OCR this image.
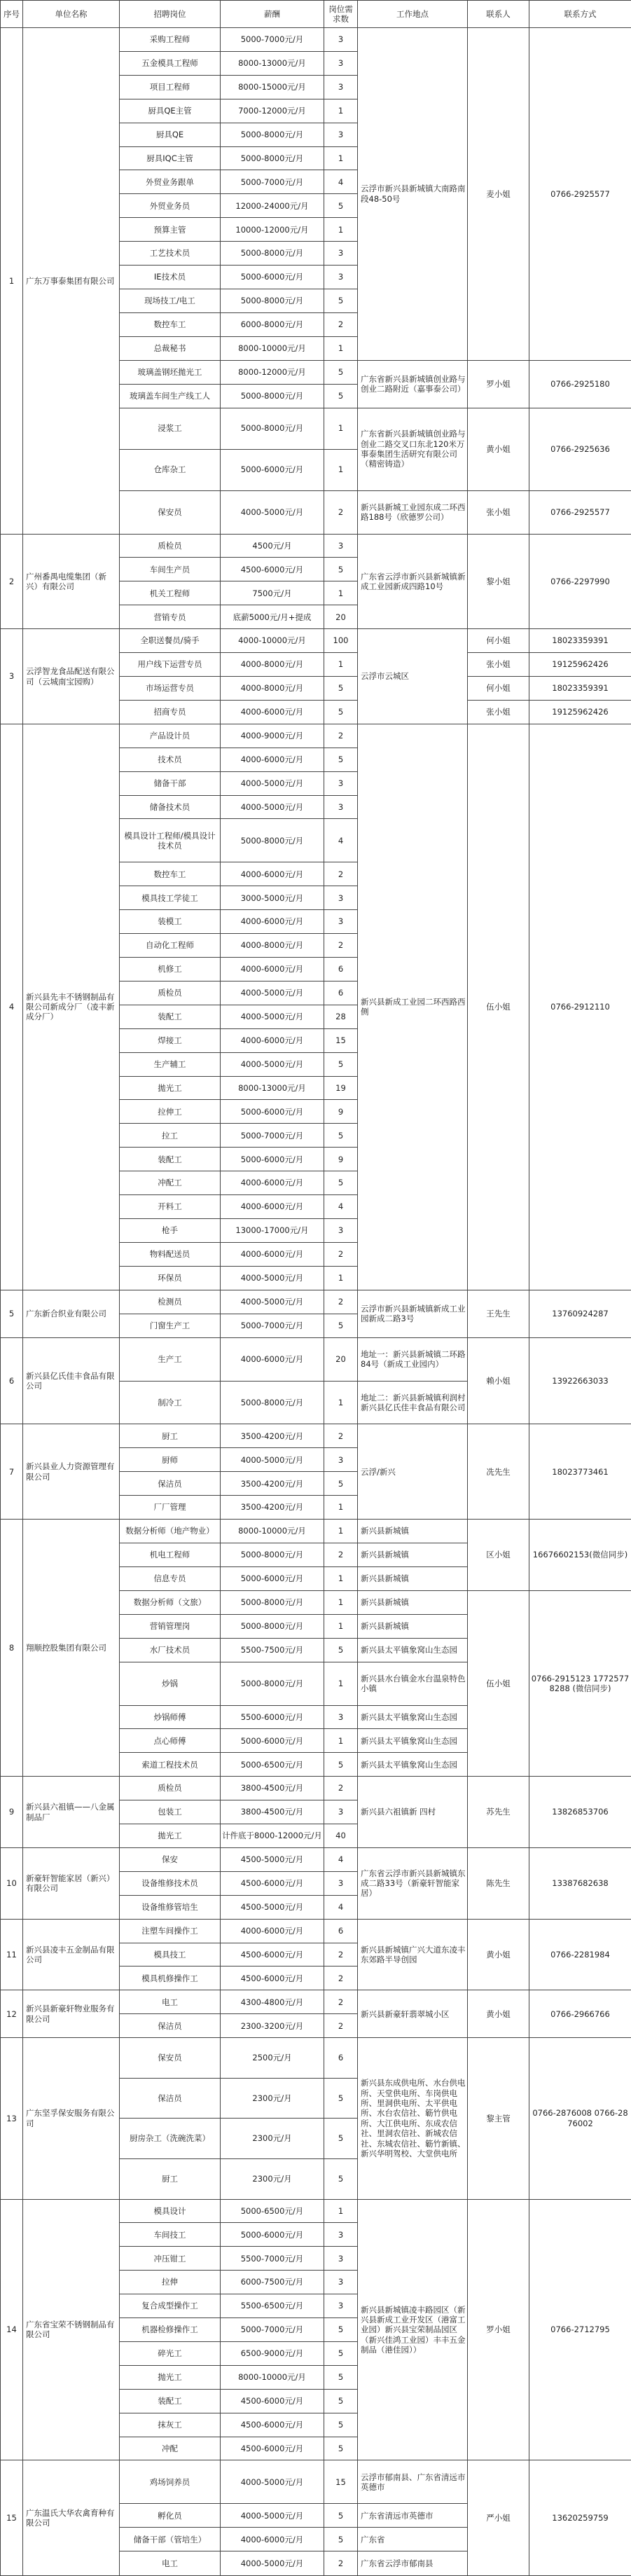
序号	单位名称	招聘岗位	薪酬	岗位需求数	工作地点	联系人	联系方式
1	广东万事泰集团有限公司	采购工程师	5000-7000元/月	3	云浮市新兴县新城镇大南路南段48-50号	麦小姐	0766-2925577
		五金模具工程师	8000-13000元/月	3			
		项目工程师	8000-15000元/月	3			
		厨具QE主管	7000-12000元/月	1			
		厨具QE	5000-8000元/月	3			
		厨具IQC主管	5000-8000元/月	1			
		外贸业务跟单	5000-7000元/月	4			
		外贸业务员	12000-24000元/月	5			
		预算主管	10000-12000元/月	1			
		工艺技术员	5000-8000元/月	3			
		IE技术员	5000-6000元/月	3			
		现场技工/电工	5000-8000元/月	5			
		数控车工	6000-8000元/月	2			
		总裁秘书	8000-10000元/月	1			
		玻璃盖钢坯拋光工	8000-12000元/月	5	广东省新兴县新城镇创业路与创业二路附近（嘉事泰公司）	罗小姐	0766-2925180
		玻璃盖车间生产线工人	5000-8000元/月	5			
		浸浆工	5000-8000元/月	1	广东省新兴县新城镇创业路与创业二路交叉口东北120米万事泰集团生活研究有限公司（精密铸造）	黄小姐	0766-2925636
		仓库杂工	5000-6000元/月	1			
		保安员	4000-5000元/月	2	新兴县新城工业园东成二环西路188号（欣德罗公司）	张小姐	0766-2925577
2	广州番禺电缆集团（新兴）有限公司	质检员	4500元/月	3	广东省云浮市新兴县新城镇新成工业园新成四路10号	黎小姐	0766-2297990
		车间生产员	4500-6000元/月	5			
		机关工程师	7500元/月	1			
		营销专员	底薪5000元/月+提成	20			
3	云浮智龙食品配送有限公司（云城南宝园购）	全职送餐员/骑手	4000-10000元/月	100	云浮市云城区	何小姐	18023359391
		用户线下运营专员	4000-8000元/月	1		张小姐	19125962426
		市场运营专员	4000-8000元/月	5		何小姐	18023359391
		招商专员	4000-6000元/月	5		张小姐	19125962426
4	新兴县先丰不锈钢制品有限公司新成分厂（凌丰新成分厂）	产品设计员	4000-9000元/月	2	新兴县新成工业园二环西路西侧	伍小姐	0766-2912110
		技术员	4000-6000元/月	5			
		储备干部	4000-5000元/月	3			
		储备技术员	4000-5000元/月	3			
		模具设计工程师/模具设计技术员	5000-8000元/月	4			
		数控车工	4000-6000元/月	2			
		模具技工学徒工	3000-5000元/月	3			
		装模工	4000-6000元/月	3			
		自动化工程师	4000-8000元/月	2			
		机修工	4000-6000元/月	6			
		质检员	4000-5000元/月	6			
		装配工	4000-5000元/月	28			
		焊接工	4000-6000元/月	15			
		生产辅工	4000-5000元/月	5			
		拋光工	8000-13000元/月	19			
		拉伸工	5000-6000元/月	9			
		拉工	5000-7000元/月	5			
		装配工	5000-6000元/月	9			
		冲配工	4000-6000元/月	5			
		开料工	4000-6000元/月	4			
		枪手	13000-17000元/月	3			
		物料配送员	4000-6000元/月	2			
		环保员	4000-5000元/月	1			
5	广东新合织业有限公司	检测员	4000-5000元/月	2	云浮市新兴县新城镇新成工业园新成二路3号	王先生	13760924287
		门窗生产工	5000-7000元/月	5			
6	新兴县亿氏佳丰食品有限公司	生产工	4000-6000元/月	20	地址一：新兴县新城镇二环路84号（新成工业园内）	赖小姐	13922663033
		制冷工	5000-8000元/月	1	地址二：新兴县新城镇利润村新兴县亿氏佳丰食品有限公司		
7	新兴县业人力资源管理有限公司	厨工	3500-4200元/月	2	云浮/新兴	冼先生	18023773461
		厨师	4000-5000元/月	3			
		保洁员	3500-4200元/月	5			
		厂厂管理	3500-4200元/月	1			
8	翔顺控股集团有限公司	数据分析师（地产物业）	8000-10000元/月	1	新兴县新城镇	区小姐	16676602153(微信同步)
		机电工程师	5000-8000元/月	2	新兴县新城镇		
		信息专员	5000-6000元/月	1	新兴县新城镇		
		数据分析师（文旅）	5000-8000元/月	1	新兴县新城镇	伍小姐	0766-2915123 17725778288 (微信同步)
		营销管理岗	5000-8000元/月	1	新兴县新城镇		
		水厂技术员	5500-7500元/月	5	新兴县太平镇象窝山生态园		
		炒锅	5000-8000元/月	1	新兴县水台镇金水台温泉特色小镇		
		炒锅师傅	5500-6000元/月	3	新兴县太平镇象窝山生态园		
		点心师傅	5000-6000元/月	1	新兴县太平镇象窝山生态园		
		索道工程技术员	5000-6500元/月	5	新兴县太平镇象窝山生态园		
9	新兴县六祖镇——八金属制品厂	质检员	3800-4500元/月	2	新兴县六祖镇新 四村	苏先生	13826853706
		包装工	3800-4500元/月	3			
		拋光工	计件底于8000-12000元/月	40			
10	新豪轩智能家居（新兴）有限公司	保安	4500-5000元/月	4	广东省云浮市新兴县新城镇东成二路33号（新豪轩智能家居）	陈先生	13387682638
		设备维修技术员	4500-6000元/月	3			
		设备维修管培生	4500-5000元/月	4			
11	新兴县凌丰五金制品有限公司	注塑车间操作工	4000-6000元/月	6	新兴县新城镇广兴大道东凌丰东郊路半导创园	黄小姐	0766-2281984
		模具技工	4500-6000元/月	2			
		模具机修操作工	4500-6000元/月	2			
12	新兴县新豪轩物业服务有限公司	电工	4300-4800元/月	2	新兴县新豪轩翡翠城小区	黄小姐	0766-2966766
		保洁员	2300-3200元/月	2			
13	广东坚孚保安服务有限公司	保安员	2500元/月	6	新兴县东成供电所、水台供电所、天堂供电所、车岗供电所、里洞供电所、太平供电所、水台农信社、簕竹供电所、大江供电所、东成农信社、里洞农信社、新城农信社、东城农信社、簕竹新镇、新兴华明驾校、大堂供电所	黎主管	0766-2876008 0766-2876002
		保洁员	2300元/月	5			
		厨房杂工（洗碗洗菜）	2300元/月	5			
		厨工	2300元/月	5			
14	广东省宝荣不锈钢制品有限公司	模具设计	5000-6500元/月	1	新兴县新城镇凌丰路园区（新兴县新成工业开发区（港富工业园）新兴县宝荣制品园区（新兴佳鸿工业园）丰丰五金制品（港佳园））	罗小姐	0766-2712795
		车间技工	5000-6000元/月	3			
		冲压钳工	5500-7000元/月	3			
		拉伸	6000-7500元/月	3			
		复合成型操作工	5500-6500元/月	3			
		机器检修操作工	5000-7000元/月	5			
		碎光工	6500-9000元/月	5			
		抛光工	8000-10000元/月	5			
		装配工	4500-6000元/月	5			
		抹灰工	4500-6000元/月	5			
		冲配	4500-6000元/月	5			
15	广东温氏大华农禽育种有限公司	鸡场饲养员	4000-5000元/月	15	云浮市郁南县、广东省清远市英德市	严小姐	13620259759
		孵化员	4000-5000元/月	5	广东省清远市英德市		
		储备干部（管培生）	4000-6000元/月	5	广东省		
		电工	4000-5000元/月	2	广东省云浮市郁南县		
